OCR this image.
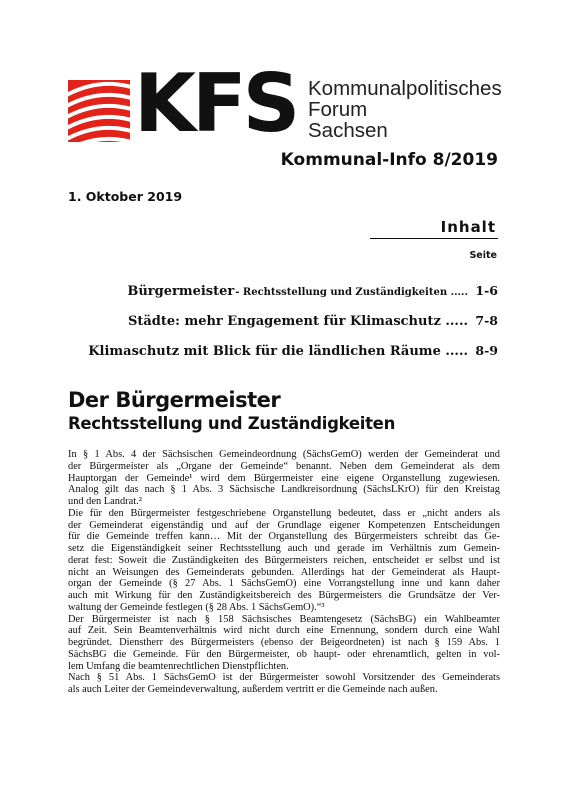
KFS Kommunalpolitisches
Forum
Sachsen
Kommunal-Info 8/2019
1. Oktober 2019
Inhalt
Seite
Bürgermeister - Rechtsstellung und Zuständigkeiten ..... 1-6
Städte: mehr Engagement für Klimaschutz ..... 7-8
Klimaschutz mit Blick für die ländlichen Räume ..... 8-9
Der Bürgermeister
Rechtsstellung und Zuständigkeiten
In § 1 Abs. 4 der Sächsischen Gemeindeordnung (SächsGemO) werden der Gemeinderat und
der Bürgermeister als „Organe der Gemeinde“ benannt. Neben dem Gemeinderat als dem
Hauptorgan der Gemeinde¹ wird dem Bürgermeister eine eigene Organstellung zugewiesen.
Analog gilt das nach § 1 Abs. 3 Sächsische Landkreisordnung (SächsLKrO) für den Kreistag
und den Landrat.²
Die für den Bürgermeister festgeschriebene Organstellung bedeutet, dass er „nicht anders als
der Gemeinderat eigenständig und auf der Grundlage eigener Kompetenzen Entscheidungen
für die Gemeinde treffen kann… Mit der Organstellung des Bürgermeisters schreibt das Ge-
setz die Eigenständigkeit seiner Rechtsstellung auch und gerade im Verhältnis zum Gemein-
derat fest: Soweit die Zuständigkeiten des Bürgermeisters reichen, entscheidet er selbst und ist
nicht an Weisungen des Gemeinderats gebunden. Allerdings hat der Gemeinderat als Haupt-
organ der Gemeinde (§ 27 Abs. 1 SächsGemO) eine Vorrangstellung inne und kann daher
auch mit Wirkung für den Zuständigkeitsbereich des Bürgermeisters die Grundsätze der Ver-
waltung der Gemeinde festlegen (§ 28 Abs. 1 SächsGemO).“³
Der Bürgermeister ist nach § 158 Sächsisches Beamtengesetz (SächsBG) ein Wahlbeamter
auf Zeit. Sein Beamtenverhältnis wird nicht durch eine Ernennung, sondern durch eine Wahl
begründet. Dienstherr des Bürgermeisters (ebenso der Beigeordneten) ist nach § 159 Abs. 1
SächsBG die Gemeinde. Für den Bürgermeister, ob haupt- oder ehrenamtlich, gelten in vol-
lem Umfang die beamtenrechtlichen Dienstpflichten.
Nach § 51 Abs. 1 SächsGemO ist der Bürgermeister sowohl Vorsitzender des Gemeinderats
als auch Leiter der Gemeindeverwaltung, außerdem vertritt er die Gemeinde nach außen.
